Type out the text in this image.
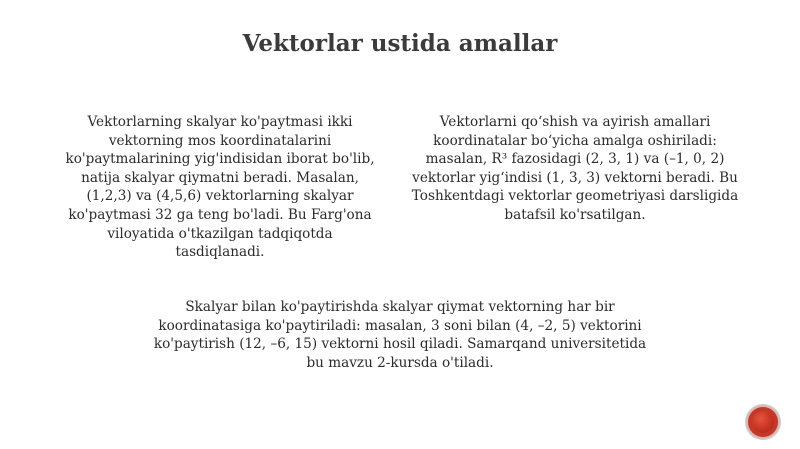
Vektorlar ustida amallar
Vektorlarning skalyar ko'paytmasi ikki
vektorning mos koordinatalarini
ko'paytmalarining yig'indisidan iborat bo'lib,
natija skalyar qiymatni beradi. Masalan,
(1,2,3) va (4,5,6) vektorlarning skalyar
ko'paytmasi 32 ga teng bo'ladi. Bu Farg'ona
viloyatida o'tkazilgan tadqiqotda
tasdiqlanadi.
Vektorlarni qo‘shish va ayirish amallari
koordinatalar bo‘yicha amalga oshiriladi:
masalan, R³ fazosidagi (2, 3, 1) va (–1, 0, 2)
vektorlar yig‘indisi (1, 3, 3) vektorni beradi. Bu
Toshkentdagi vektorlar geometriyasi darsligida
batafsil ko'rsatilgan.
Skalyar bilan ko'paytirishda skalyar qiymat vektorning har bir
koordinatasiga ko'paytiriladi: masalan, 3 soni bilan (4, –2, 5) vektorini
ko'paytirish (12, –6, 15) vektorni hosil qiladi. Samarqand universitetida
bu mavzu 2-kursda o'tiladi.
